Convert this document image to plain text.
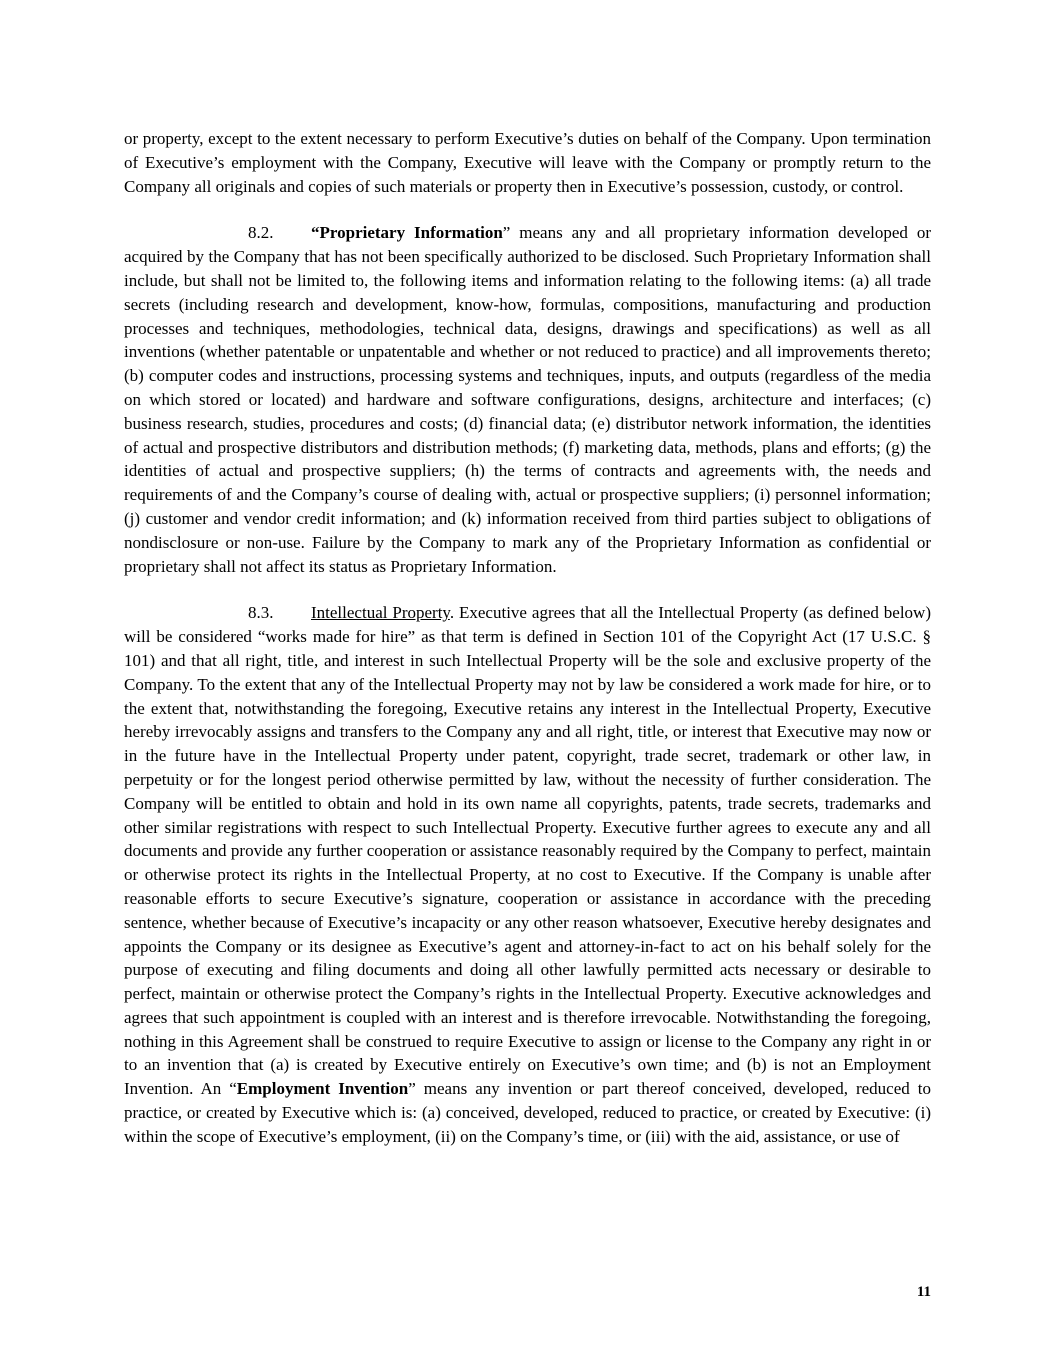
or property, except to the extent necessary to perform Executive’s duties on behalf of the Company. Upon termination of Executive’s employment with the Company, Executive will leave with the Company or promptly return to the Company all originals and copies of such materials or property then in Executive’s possession, custody, or control.

8.2. “Proprietary Information” means any and all proprietary information developed or acquired by the Company that has not been specifically authorized to be disclosed. Such Proprietary Information shall include, but shall not be limited to, the following items and information relating to the following items: (a) all trade secrets (including research and development, know-how, formulas, compositions, manufacturing and production processes and techniques, methodologies, technical data, designs, drawings and specifications) as well as all inventions (whether patentable or unpatentable and whether or not reduced to practice) and all improvements thereto; (b) computer codes and instructions, processing systems and techniques, inputs, and outputs (regardless of the media on which stored or located) and hardware and software configurations, designs, architecture and interfaces; (c) business research, studies, procedures and costs; (d) financial data; (e) distributor network information, the identities of actual and prospective distributors and distribution methods; (f) marketing data, methods, plans and efforts; (g) the identities of actual and prospective suppliers; (h) the terms of contracts and agreements with, the needs and requirements of and the Company’s course of dealing with, actual or prospective suppliers; (i) personnel information; (j) customer and vendor credit information; and (k) information received from third parties subject to obligations of nondisclosure or non-use. Failure by the Company to mark any of the Proprietary Information as confidential or proprietary shall not affect its status as Proprietary Information.

8.3. Intellectual Property. Executive agrees that all the Intellectual Property (as defined below) will be considered “works made for hire” as that term is defined in Section 101 of the Copyright Act (17 U.S.C. § 101) and that all right, title, and interest in such Intellectual Property will be the sole and exclusive property of the Company. To the extent that any of the Intellectual Property may not by law be considered a work made for hire, or to the extent that, notwithstanding the foregoing, Executive retains any interest in the Intellectual Property, Executive hereby irrevocably assigns and transfers to the Company any and all right, title, or interest that Executive may now or in the future have in the Intellectual Property under patent, copyright, trade secret, trademark or other law, in perpetuity or for the longest period otherwise permitted by law, without the necessity of further consideration. The Company will be entitled to obtain and hold in its own name all copyrights, patents, trade secrets, trademarks and other similar registrations with respect to such Intellectual Property. Executive further agrees to execute any and all documents and provide any further cooperation or assistance reasonably required by the Company to perfect, maintain or otherwise protect its rights in the Intellectual Property, at no cost to Executive. If the Company is unable after reasonable efforts to secure Executive’s signature, cooperation or assistance in accordance with the preceding sentence, whether because of Executive’s incapacity or any other reason whatsoever, Executive hereby designates and appoints the Company or its designee as Executive’s agent and attorney-in-fact to act on his behalf solely for the purpose of executing and filing documents and doing all other lawfully permitted acts necessary or desirable to perfect, maintain or otherwise protect the Company’s rights in the Intellectual Property. Executive acknowledges and agrees that such appointment is coupled with an interest and is therefore irrevocable. Notwithstanding the foregoing, nothing in this Agreement shall be construed to require Executive to assign or license to the Company any right in or to an invention that (a) is created by Executive entirely on Executive’s own time; and (b) is not an Employment Invention. An “Employment Invention” means any invention or part thereof conceived, developed, reduced to practice, or created by Executive which is: (a) conceived, developed, reduced to practice, or created by Executive: (i) within the scope of Executive’s employment, (ii) on the Company’s time, or (iii) with the aid, assistance, or use of

11
